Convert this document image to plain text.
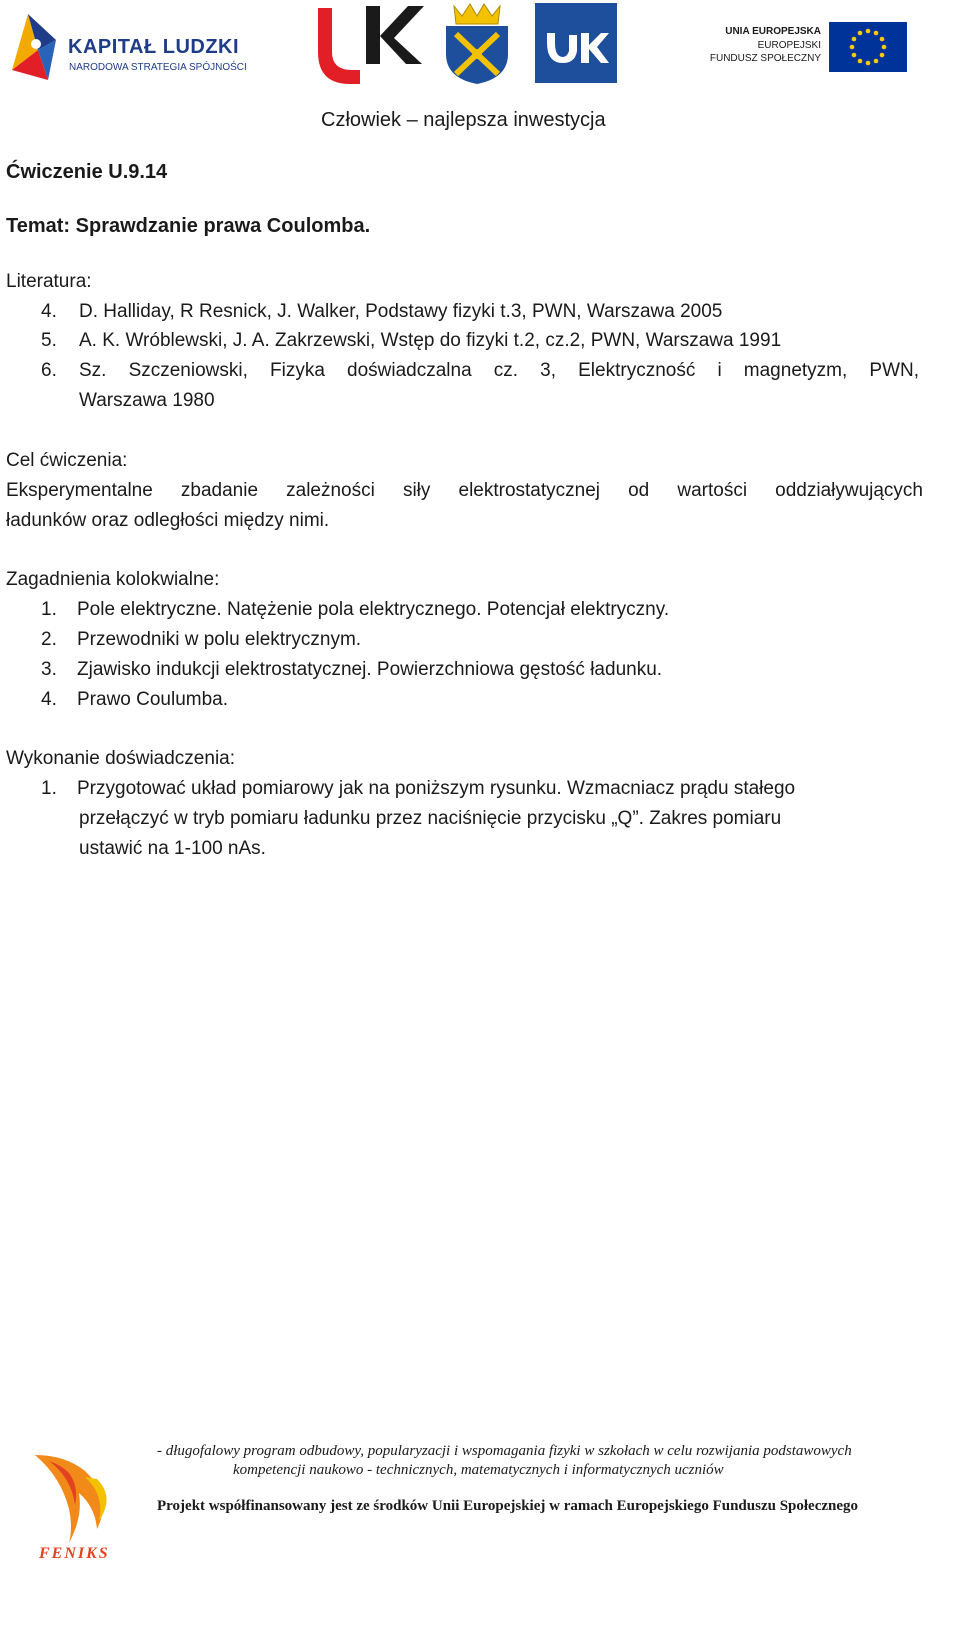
KAPITAŁ LUDZKI
NARODOWA STRATEGIA SPÓJNOŚCI
UNIA EUROPEJSKA
EUROPEJSKI
FUNDUSZ SPOŁECZNY
Człowiek – najlepsza inwestycja
Ćwiczenie U.9.14
Temat: Sprawdzanie prawa Coulomba.
Literatura:
4. D. Halliday, R Resnick, J. Walker, Podstawy fizyki t.3, PWN, Warszawa 2005
5. A. K. Wróblewski, J. A. Zakrzewski, Wstęp do fizyki t.2, cz.2, PWN, Warszawa 1991
6. Sz. Szczeniowski, Fizyka doświadczalna cz. 3, Elektryczność i magnetyzm, PWN,
Warszawa 1980
Cel ćwiczenia:
Eksperymentalne zbadanie zależności siły elektrostatycznej od wartości oddziaływujących
ładunków oraz odległości między nimi.
Zagadnienia kolokwialne:
1. Pole elektryczne. Natężenie pola elektrycznego. Potencjał elektryczny.
2. Przewodniki w polu elektrycznym.
3. Zjawisko indukcji elektrostatycznej. Powierzchniowa gęstość ładunku.
4. Prawo Coulumba.
Wykonanie doświadczenia:
1. Przygotować układ pomiarowy jak na poniższym rysunku. Wzmacniacz prądu stałego
przełączyć w tryb pomiaru ładunku przez naciśnięcie przycisku „Q”. Zakres pomiaru
ustawić na 1-100 nAs.
FENIKS
- długofalowy program odbudowy, popularyzacji i wspomagania fizyki w szkołach w celu rozwijania podstawowych
kompetencji naukowo - technicznych, matematycznych i informatycznych uczniów
Projekt współfinansowany jest ze środków Unii Europejskiej w ramach Europejskiego Funduszu Społecznego
